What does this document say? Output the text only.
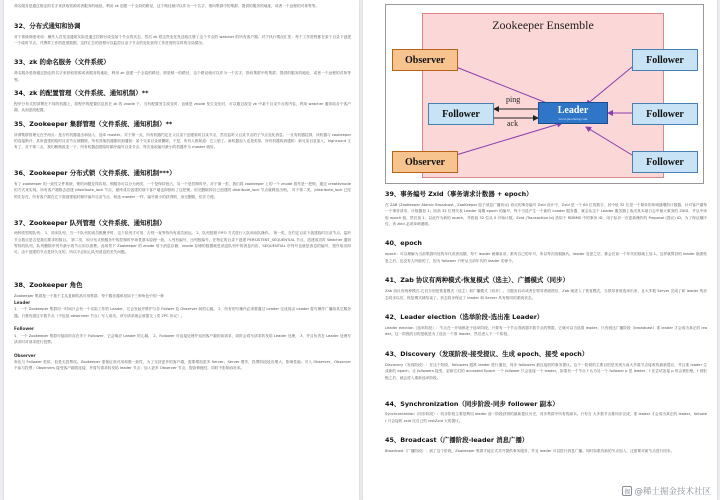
命名服务是通过指定的名字来获取资源或者服务的地址，利用 zk 创建一个全局的路径，这个路径就可以作为一个名字，指向集群中的集群，提供的服务的地址，或者一个远程的对象等等。
32、分布式通知和协调
对于系统调度来说：操作人员发送通知实际是通过控制台改变某个节点的状态，然后 zk 将这些变化发送给注册了这个节点的 watcher 的所有客户端。对于执行情况汇报：每个工作进程都在某个目录下创建一个临时节点，并携带工作的进度数据，这样汇总的进程可以监控目录子节点的变化获得工作进度的实时的全局情况。
33、zk 的命名服务（文件系统）
命名服务是指通过指定的名字来获取资源或者服务的地址，利用 zk 创建一个全局的路径，即是唯一的路径，这个路径就可以作为一个名字，指向集群中的集群，提供的服务的地址，或者一个远程的对象等等。
34、zk 的配置管理（文件系统、通知机制）**
程序分布式的部署在不同的机器上，将程序的配置信息放在 zk 的 znode 下，当有配置发生改变时，也就是 znode 发生变化时，可以通过改变 zk 中某个目录节点的内容，利用 watcher 通知给各个客户端，从而更改配置。
35、Zookeeper 集群管理（文件系统、通知机制）**
所谓集群管理无在乎两点：是否有机器退出和加入、选举 master。对于第一点，所有机器约定在父目录下创建临时目录节点，然后监听父目录节点的子节点变化消息。一旦有机器挂掉，该机器与 zookeeper 的连接断开，其所创建的临时目录节点被删除，所有其他机器都收到通知：某个兄弟目录被删除，于是，所有人都知道：它上船了。新机器加入也是类似，所有机器收到通知：新兄弟目录加入，highcount 又有了，对于第二点，我们稍微改变一下，所有机器创建临时顺序编号目录节点，每次选取编号最小的机器作为 master 就好。
36、Zookeeper 分布式锁（文件系统、通知机制***）
有了 zookeeper 的一致性文件系统，锁的问题变得容易。锁服务可以分为两类，一个是保持独占，另一个是控制时序。对于第一类，我们将 zookeeper 上的一个 znode 看作是一把锁，通过 createznode 的方式来实现。所有客户端都去创建 /distribute_lock 节点，最终成功创建的那个客户端也即拥有了这把锁。用完删除掉自己创建的 distribute_lock 节点就释放出锁。 对于第二类，/distribute_lock 已经预先存在，所有客户端在它下面创建临时顺序编号目录节点，和选 master 一样，编号最小的获得锁，用完删除，依次方便。
37、Zookeeper 队列管理（文件系统、通知机制）
两种类型的队列： 1、同步队列，当一个队列的成员都聚齐时，这个队列才可用，否则一直等待所有成员到达。 2、队列按照 FIFO 方式进行入队和出队操作。 第一类，在约定目录下创建临时目录节点，监听节点数目是否是我们要求的数目。 第二类，和分布式锁服务中的控制时序场景基本原理一致，入列有编号，出列按编号。在特定的目录下创建 PERSISTENT_SEQUENTIAL 节点，创建成功时 Watcher 通知等待的队列，队列删除序列号最小的节点用以消费。此场景下 Zookeeper 的 znode 用于消息存储，znode 存储的数据就是消息队列中的消息内容，SEQUENTIAL 序列号也就是消息的编号，按序取出即可。由于创建的节点是持久化的，所以不必担心队列消息的丢失问题。
38、Zookeeper 角色
Zookeeper 集群是一个基于主从复制的高可用集群，每个服务器承担如下三种角色中的一种
Leader
1、一个 Zookeeper 集群同一时间只会有一个实际工作的 Leader，它会发起并维护与各 Follwer 及 Observer 间的心跳。 2、所有的写操作必须要通过 Leader 完成再由 Leader 将写操作广播给其它服务器。只要有超过半数节点（不包括 observeer 节点）写入成功，该写请求就会被提交（类 2PC 协议）。
Follower
1、一个 Zookeeper 集群可能同时存在多个 Follower，它会响应 Leader 的心跳， 2、Follower 可直接处理并返回客户端的读请求，同时会将写请求转发给 Leader 处理， 3、并且负责在 Leader 处理写请求时对请求进行投票。
Observer
角色与 Follower 类似，但是无投票权。Zookeeper 需保证高可用和强一致性，为了支持更多的客户端，需要增加更多 Server；Server 增多，投票阶段延迟增大，影响性能；引入 Observer，Observer 不参与投票；Observers 接受客户端的连接，并将写请求转发给 leader 节点；加入更多 Observer 节点，提高伸缩性，同时不影响吞吐率。
Zookeeper Ensemble
Observer	Follower
Follower	Leader
www.jiaocheng.com	Follower
Observer	Follower
ping
ack
39、事务编号 Zxid（事务请求计数器 + epoch）
在 ZAB (ZooKeeper Atomic Broadcast , ZooKeeper 原子消息广播协议) 协议的事务编号 Zxid 设计中，Zxid 是一个 64 位的数字，其中低 32 位是一个简单的单调递增的计数器，针对客户端每一个事务请求，计数器加 1；而高 32 位则代表 Leader 周期 epoch 的编号，每个当选产生一个新的 Leader 服务器，就会从这个 Leader 服务器上取出其本地日志中最大事务的 ZXID，并从中读取 epoch 值，然后加 1，以此作为新的 epoch，并将低 32 位从 0 开始计数。Zxid (Transaction id) 类似于 RDBMS 中的事务 ID，用于标识一次更新操作的 Proposal (提议) ID。为了保证顺序性，该 zkid 必须单调递增。
40、epoch
epoch：可以理解为当前集群所处的年代或者周期，每个 leader 就像皇帝，都有自己的年号，所以每次改朝换代，leader 变更之后，都会在前一个年代的基础上加 1。这样就算旧的 leader 崩溃恢复之后，也没有人听他的了，因为 follower 只听从当前年代的 leader 的命令。
41、Zab 协议有两种模式-恢复模式（选主）、广播模式（同步）
Zab 协议有两种模式-它们分别是恢复模式（选主）和广播模式（同步）。当服务启动或者在领导者崩溃后，Zab 就进入了恢复模式，当领导者被选举出来，且大多数 Server 完成了和 leader 的状态同步以后，恢复模式就结束了。状态同步保证了 leader 和 Server 具有相同的系统状态。
42、Leader election（选举阶段-选出准 Leader）
Leader election（选举阶段）：节点在一开始都处于选举阶段，只要有一个节点得到超半数节点的票数，它就可以当选准 leader。只有到达广播阶段（broadcast）准 leader 才会成为真正的 leader。这一阶段的目的是就是为了选出一个准 leader，然后进入下一个阶段。
43、Discovery（发现阶段-接受提议、生成 epoch、接受 epoch）
Discovery（发现阶段）：在这个阶段，followers 跟准 leader 进行通信，同步 followers 最近接收的事务提议。这个一阶段的主要目的是发现当前大多数节点接收的最新提议，并且准 leader 生成新的 epoch，让 followers 接受，更新它们的 accepted Epoch 一个 follower 只会连接一个 leader，如果有一个节点 f 认为另一个 follower p 是 leader，f 在尝试连接 p 时会被拒绝，f 被拒绝之后，就会进入重新选举阶段。
44、Synchronization（同步阶段-同步 follower 副本）
Synchronization（同步阶段）：同步阶段主要是利用 leader 前一阶段获得的最新提议历史，同步集群中所有的副本。只有当 大多数节点都同步完成，准 leader 才会成为真正的 leader。follower 只会接收 zxid 比自己的 lastZxid 大的提议。
45、Broadcast（广播阶段-leader 消息广播）
Broadcast（广播阶段）：到了这个阶段，Zookeeper 集群才能正式对外提供事务服务，并且 leader 可以进行消息广播。同时如果有新的节点加入，还需要对新节点进行同步。
掘 @稀土掘金技术社区
